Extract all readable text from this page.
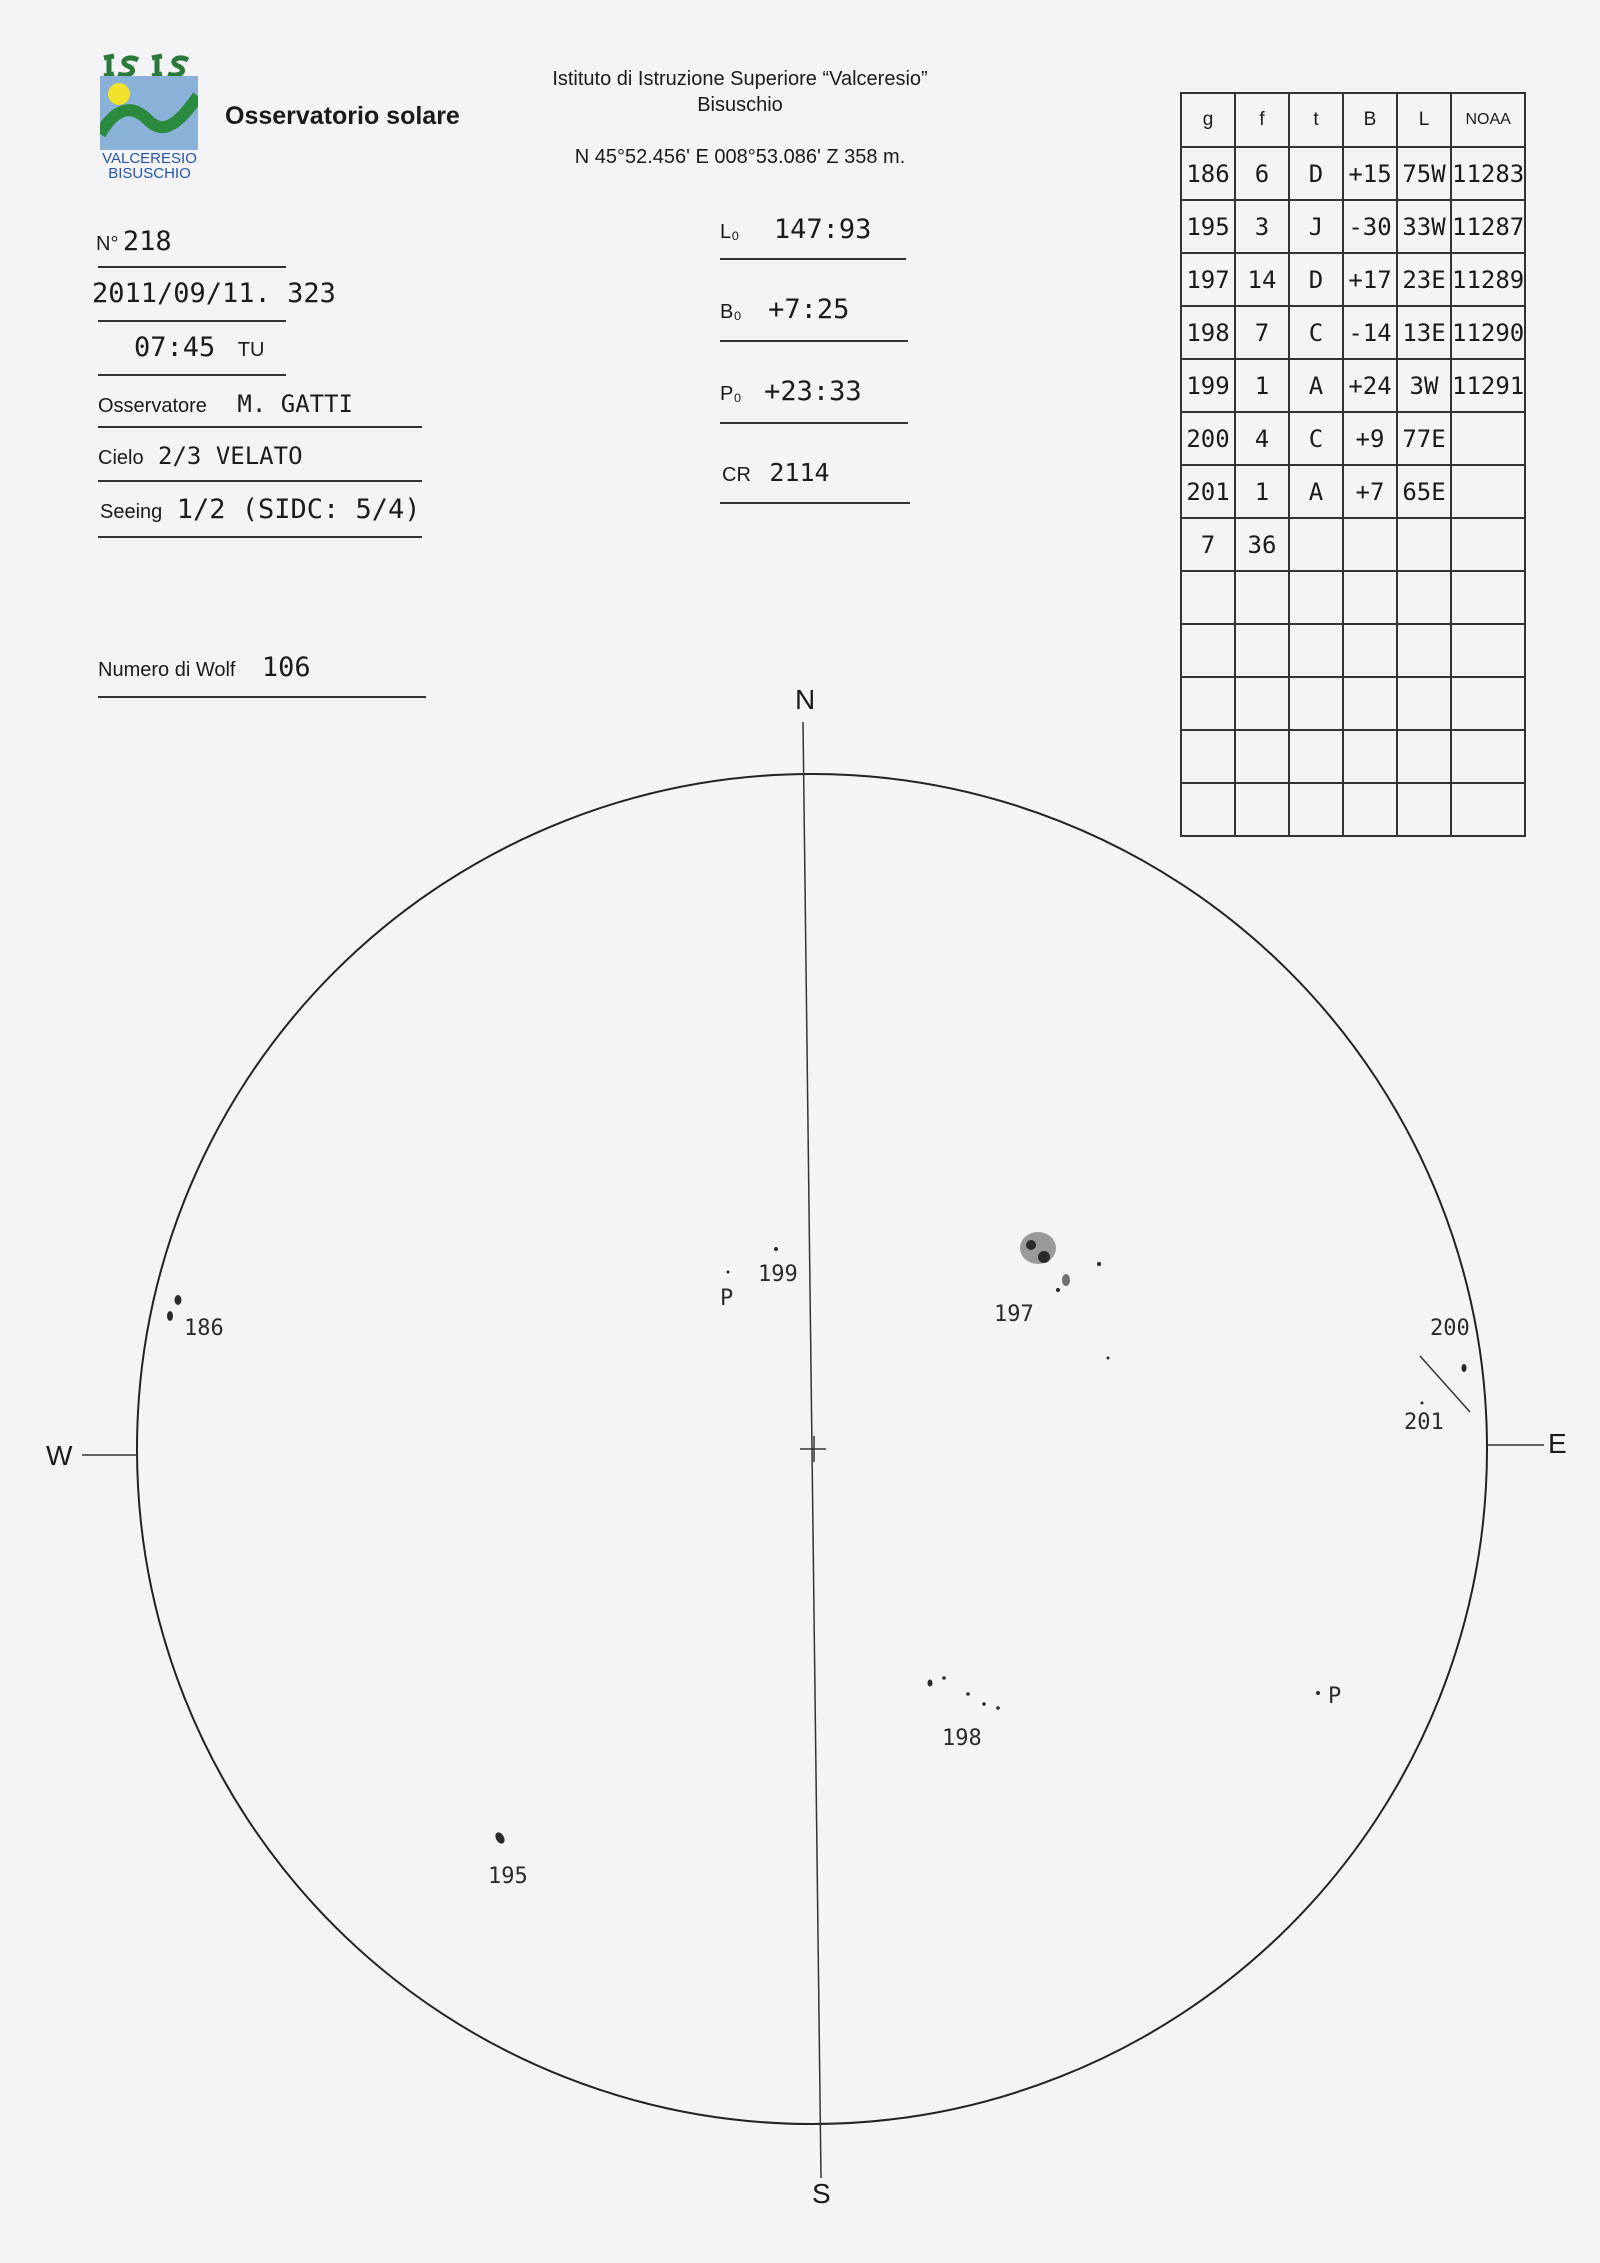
VALCERESIO
BISUSCHIO
Osservatorio solare
Istituto di Istruzione Superiore “Valceresio”
Bisuschio
N 45°52.456' E 008°53.086' Z 358 m.
N° 218
2011/09/11. 323
07:45 TU
Osservatore M. GATTI
Cielo 2/3 VELATO
Seeing 1/2 (SIDC: 5/4)
Numero di Wolf 106
L₀ 147:93
B₀ +7:25
P₀ +23:33
CR 2114
g	f	t	B	L	NOAA
186	6	D	+15	75W	11283
195	3	J	-30	33W	11287
197	14	D	+17	23E	11289
198	7	C	-14	13E	11290
199	1	A	+24	3W	11291
200	4	C	+9	77E	
201	1	A	+7	65E	
7	36				

N
S
W	E
186
199
P
197
200
201
198
P
195
